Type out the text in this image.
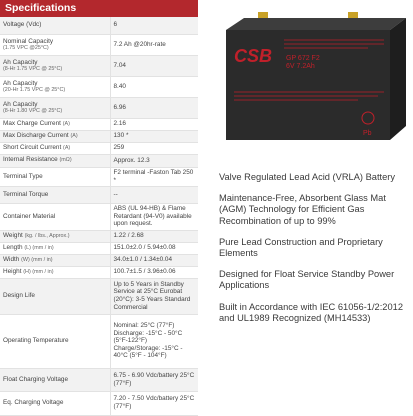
Specifications
Voltage (Vdc)	6
Nominal Capacity
(1.75 VPC @25°C)	7.2 Ah @20hr-rate
Ah Capacity
(8-Hr 1.75 VPC @ 25°C)	7.04
Ah Capacity
(20-Hr 1.75 VPC @ 25°C)	8.40
Ah Capacity
(8-Hr 1.80 VPC @ 25°C)	6.96
Max Charge Current (A)	2.16
Max Discharge Current (A)	130 *
Short Circuit Current (A)	259
Internal Resistance (mΩ)	Approx. 12.3
Terminal Type	F2 terminal -Faston Tab 250 *
Terminal Torque	--
Container Material	ABS (UL 94-HB) & Flame Retardant (94-V0) available upon request.
Weight (kg. / lbs., Approx.)	1.22 / 2.68
Length (L) (mm / in)	151.0±2.0 / 5.94±0.08
Width (W) (mm / in)	34.0±1.0 / 1.34±0.04
Height (H) (mm / in)	100.7±1.5 / 3.96±0.06
Design Life	Up to 5 Years in Standby Service at 25°C Eurobat (20°C): 3-5 Years Standard Commercial
Operating Temperature	Nominal: 25°C (77°F) Discharge: -15°C - 50°C (5°F-122°F) Charge/Storage: -15°C - 40°C (5°F - 104°F)
Float Charging Voltage	6.75 - 6.90 Vdc/battery 25°C (77°F)
Eq. Charging Voltage	7.20 - 7.50 Vdc/battery 25°C (77°F)
CSB GP 672 F2
6V 7.2Ah
Pb

Valve Regulated Lead Acid (VRLA) Battery

Maintenance-Free, Absorbent Glass Mat (AGM) Technology for Efficient Gas Recombination of up to 99%

Pure Lead Construction and Proprietary Elements

Designed for Float Service Standby Power Applications

Built in Accordance with IEC 61056-1/2:2012 and UL1989 Recognized (MH14533)
